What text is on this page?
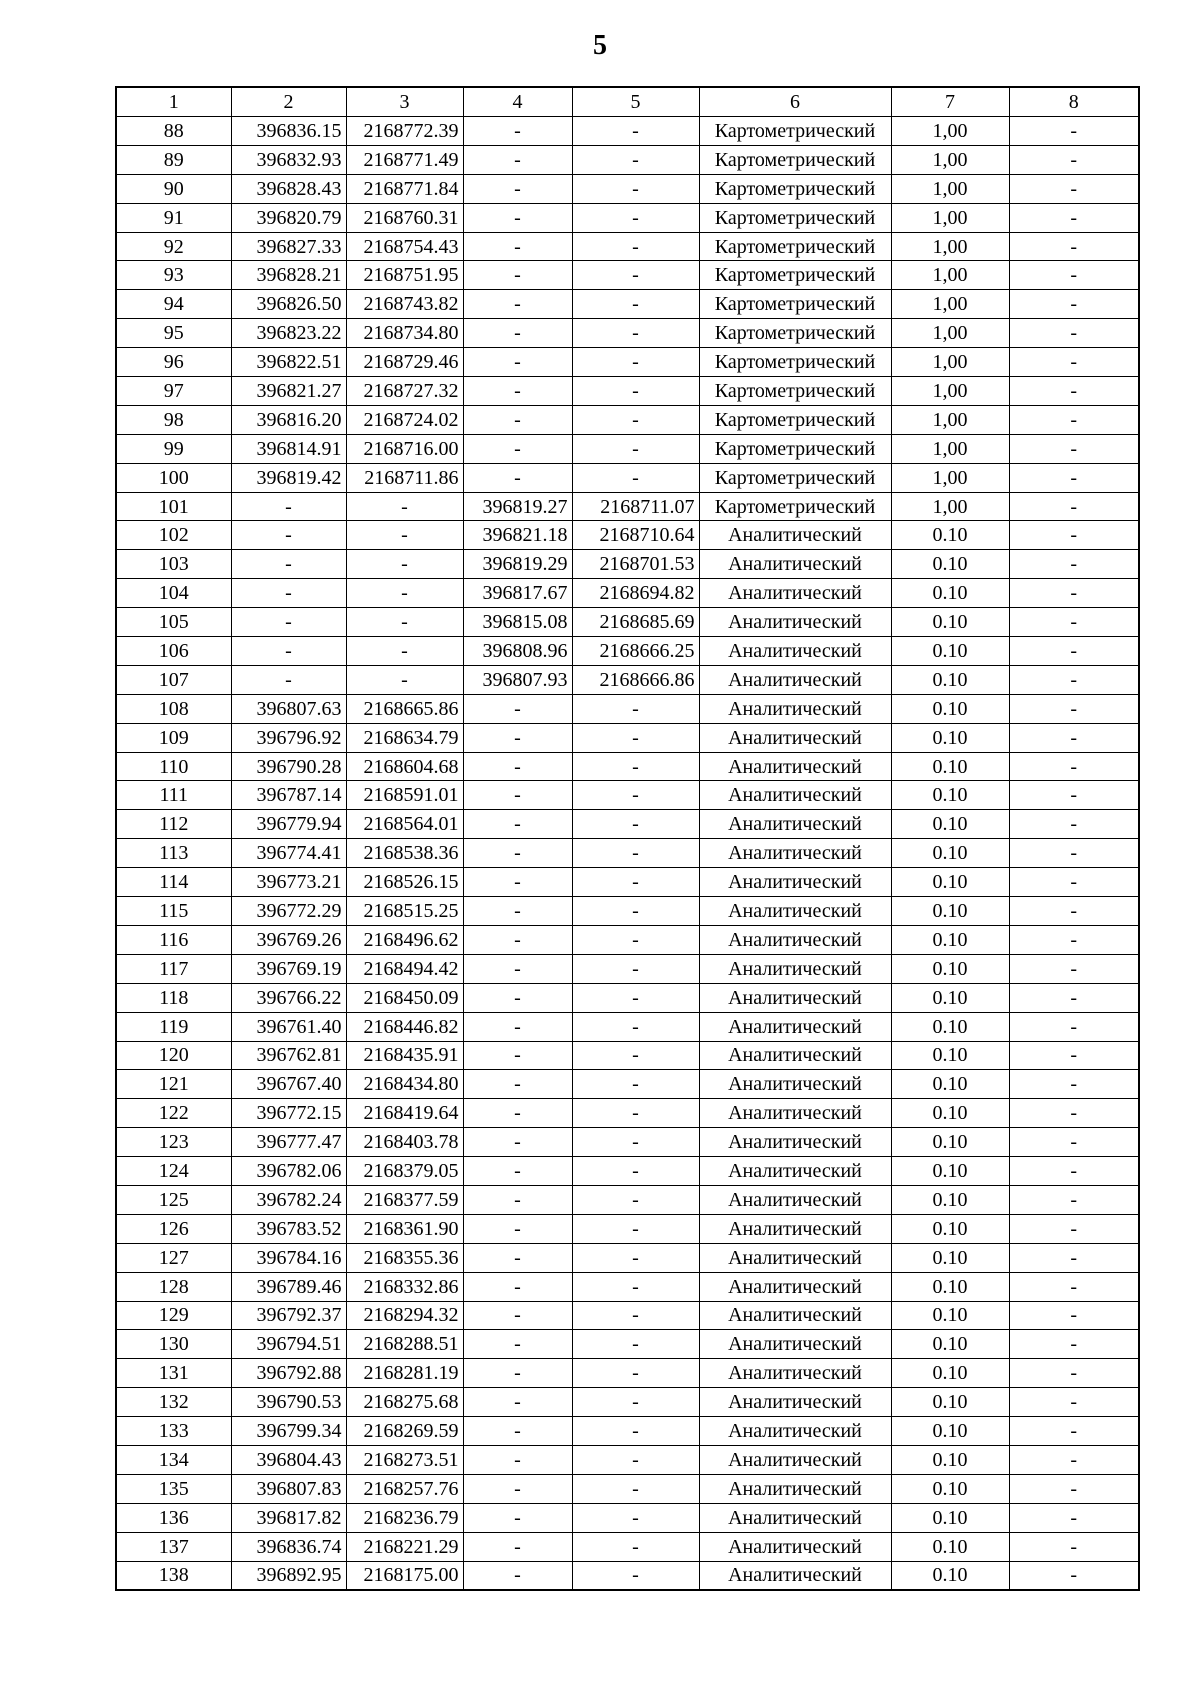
5
1	2	3	4	5	6	7	8
88	396836.15	2168772.39	-	-	Картометрический	1,00	-
89	396832.93	2168771.49	-	-	Картометрический	1,00	-
90	396828.43	2168771.84	-	-	Картометрический	1,00	-
91	396820.79	2168760.31	-	-	Картометрический	1,00	-
92	396827.33	2168754.43	-	-	Картометрический	1,00	-
93	396828.21	2168751.95	-	-	Картометрический	1,00	-
94	396826.50	2168743.82	-	-	Картометрический	1,00	-
95	396823.22	2168734.80	-	-	Картометрический	1,00	-
96	396822.51	2168729.46	-	-	Картометрический	1,00	-
97	396821.27	2168727.32	-	-	Картометрический	1,00	-
98	396816.20	2168724.02	-	-	Картометрический	1,00	-
99	396814.91	2168716.00	-	-	Картометрический	1,00	-
100	396819.42	2168711.86	-	-	Картометрический	1,00	-
101	-	-	396819.27	2168711.07	Картометрический	1,00	-
102	-	-	396821.18	2168710.64	Аналитический	0.10	-
103	-	-	396819.29	2168701.53	Аналитический	0.10	-
104	-	-	396817.67	2168694.82	Аналитический	0.10	-
105	-	-	396815.08	2168685.69	Аналитический	0.10	-
106	-	-	396808.96	2168666.25	Аналитический	0.10	-
107	-	-	396807.93	2168666.86	Аналитический	0.10	-
108	396807.63	2168665.86	-	-	Аналитический	0.10	-
109	396796.92	2168634.79	-	-	Аналитический	0.10	-
110	396790.28	2168604.68	-	-	Аналитический	0.10	-
111	396787.14	2168591.01	-	-	Аналитический	0.10	-
112	396779.94	2168564.01	-	-	Аналитический	0.10	-
113	396774.41	2168538.36	-	-	Аналитический	0.10	-
114	396773.21	2168526.15	-	-	Аналитический	0.10	-
115	396772.29	2168515.25	-	-	Аналитический	0.10	-
116	396769.26	2168496.62	-	-	Аналитический	0.10	-
117	396769.19	2168494.42	-	-	Аналитический	0.10	-
118	396766.22	2168450.09	-	-	Аналитический	0.10	-
119	396761.40	2168446.82	-	-	Аналитический	0.10	-
120	396762.81	2168435.91	-	-	Аналитический	0.10	-
121	396767.40	2168434.80	-	-	Аналитический	0.10	-
122	396772.15	2168419.64	-	-	Аналитический	0.10	-
123	396777.47	2168403.78	-	-	Аналитический	0.10	-
124	396782.06	2168379.05	-	-	Аналитический	0.10	-
125	396782.24	2168377.59	-	-	Аналитический	0.10	-
126	396783.52	2168361.90	-	-	Аналитический	0.10	-
127	396784.16	2168355.36	-	-	Аналитический	0.10	-
128	396789.46	2168332.86	-	-	Аналитический	0.10	-
129	396792.37	2168294.32	-	-	Аналитический	0.10	-
130	396794.51	2168288.51	-	-	Аналитический	0.10	-
131	396792.88	2168281.19	-	-	Аналитический	0.10	-
132	396790.53	2168275.68	-	-	Аналитический	0.10	-
133	396799.34	2168269.59	-	-	Аналитический	0.10	-
134	396804.43	2168273.51	-	-	Аналитический	0.10	-
135	396807.83	2168257.76	-	-	Аналитический	0.10	-
136	396817.82	2168236.79	-	-	Аналитический	0.10	-
137	396836.74	2168221.29	-	-	Аналитический	0.10	-
138	396892.95	2168175.00	-	-	Аналитический	0.10	-
